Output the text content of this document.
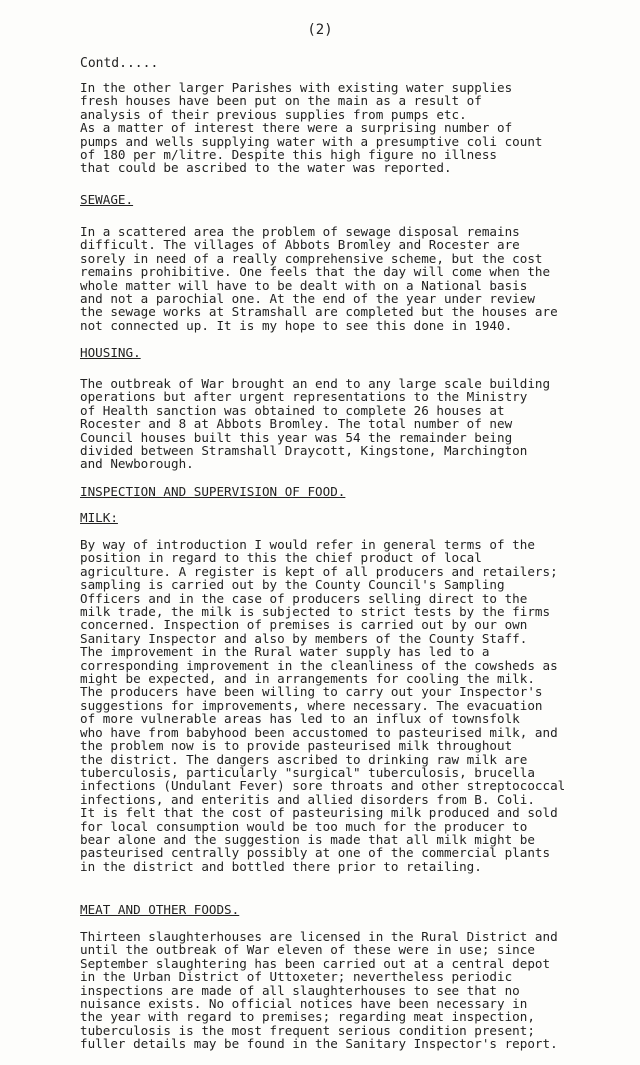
(2)
Contd.....
In the other larger Parishes with existing water supplies
fresh houses have been put on the main as a result of
analysis of their previous supplies from pumps etc.
As a matter of interest there were a surprising number of
pumps and wells supplying water with a presumptive coli count
of 180 per m/litre. Despite this high figure no illness
that could be ascribed to the water was reported.
SEWAGE.
In a scattered area the problem of sewage disposal remains
difficult. The villages of Abbots Bromley and Rocester are
sorely in need of a really comprehensive scheme, but the cost
remains prohibitive. One feels that the day will come when the
whole matter will have to be dealt with on a National basis
and not a parochial one. At the end of the year under review
the sewage works at Stramshall are completed but the houses are
not connected up. It is my hope to see this done in 1940.
HOUSING.
The outbreak of War brought an end to any large scale building
operations but after urgent representations to the Ministry
of Health sanction was obtained to complete 26 houses at
Rocester and 8 at Abbots Bromley. The total number of new
Council houses built this year was 54 the remainder being
divided between Stramshall Draycott, Kingstone, Marchington
and Newborough.
INSPECTION AND SUPERVISION OF FOOD.
MILK:
By way of introduction I would refer in general terms of the
position in regard to this the chief product of local
agriculture. A register is kept of all producers and retailers;
sampling is carried out by the County Council's Sampling
Officers and in the case of producers selling direct to the
milk trade, the milk is subjected to strict tests by the firms
concerned. Inspection of premises is carried out by our own
Sanitary Inspector and also by members of the County Staff.
The improvement in the Rural water supply has led to a
corresponding improvement in the cleanliness of the cowsheds as
might be expected, and in arrangements for cooling the milk.
The producers have been willing to carry out your Inspector's
suggestions for improvements, where necessary. The evacuation
of more vulnerable areas has led to an influx of townsfolk
who have from babyhood been accustomed to pasteurised milk, and
the problem now is to provide pasteurised milk throughout
the district. The dangers ascribed to drinking raw milk are
tuberculosis, particularly "surgical" tuberculosis, brucella
infections (Undulant Fever) sore throats and other streptococcal
infections, and enteritis and allied disorders from B. Coli.
It is felt that the cost of pasteurising milk produced and sold
for local consumption would be too much for the producer to
bear alone and the suggestion is made that all milk might be
pasteurised centrally possibly at one of the commercial plants
in the district and bottled there prior to retailing.
MEAT AND OTHER FOODS.
Thirteen slaughterhouses are licensed in the Rural District and
until the outbreak of War eleven of these were in use; since
September slaughtering has been carried out at a central depot
in the Urban District of Uttoxeter; nevertheless periodic
inspections are made of all slaughterhouses to see that no
nuisance exists. No official notices have been necessary in
the year with regard to premises; regarding meat inspection,
tuberculosis is the most frequent serious condition present;
fuller details may be found in the Sanitary Inspector's report.
